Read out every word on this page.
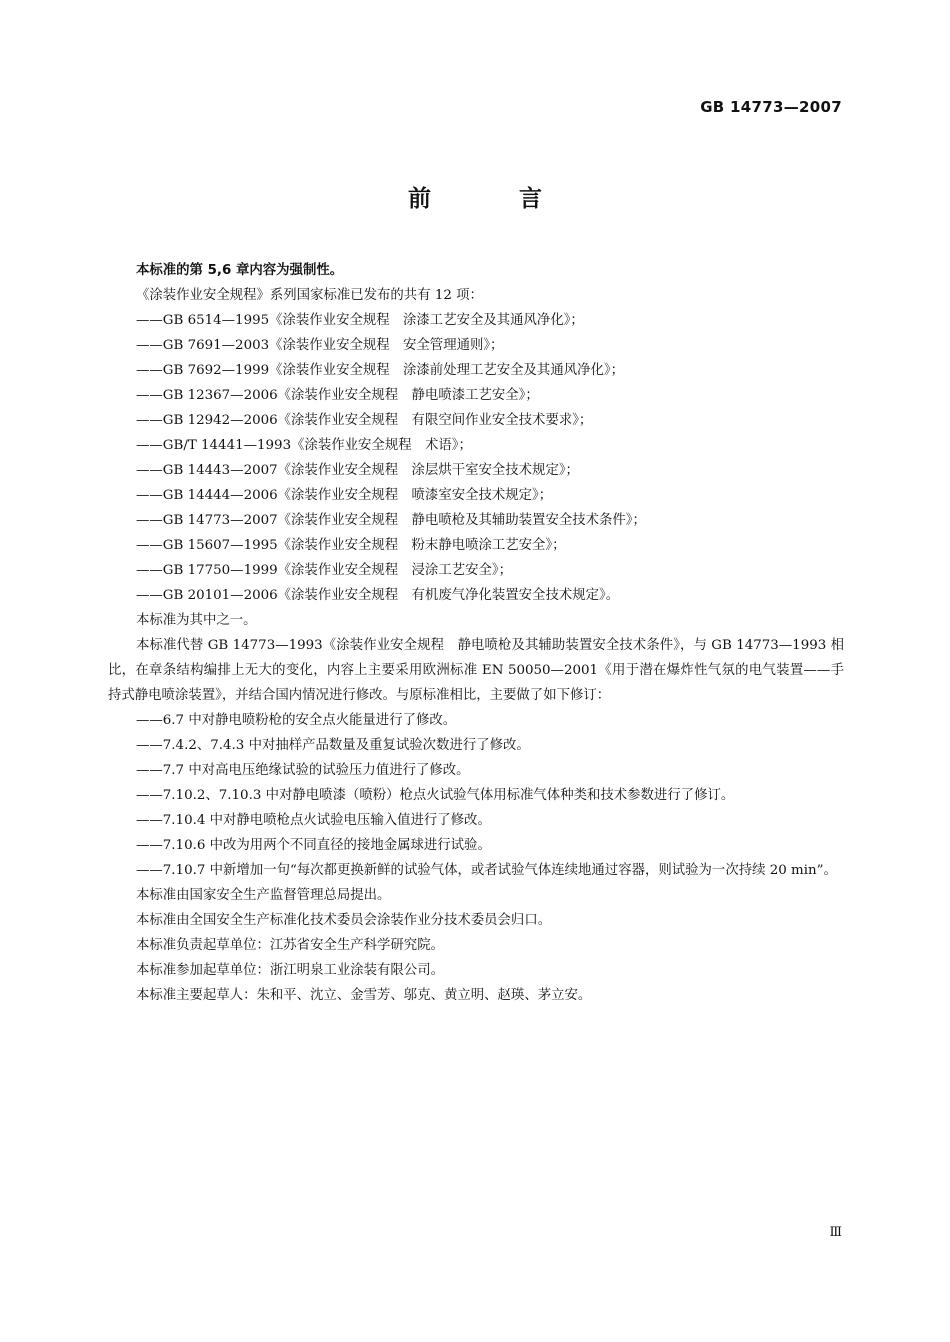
GB 14773—2007
前 言

本标准的第 5,6 章内容为强制性。

《涂装作业安全规程》系列国家标准已发布的共有 12 项：

——GB 6514—1995《涂装作业安全规程　涂漆工艺安全及其通风净化》；

——GB 7691—2003《涂装作业安全规程　安全管理通则》；

——GB 7692—1999《涂装作业安全规程　涂漆前处理工艺安全及其通风净化》；

——GB 12367—2006《涂装作业安全规程　静电喷漆工艺安全》；

——GB 12942—2006《涂装作业安全规程　有限空间作业安全技术要求》；

——GB/T 14441—1993《涂装作业安全规程　术语》；

——GB 14443—2007《涂装作业安全规程　涂层烘干室安全技术规定》；

——GB 14444—2006《涂装作业安全规程　喷漆室安全技术规定》；

——GB 14773—2007《涂装作业安全规程　静电喷枪及其辅助装置安全技术条件》；

——GB 15607—1995《涂装作业安全规程　粉末静电喷涂工艺安全》；

——GB 17750—1999《涂装作业安全规程　浸涂工艺安全》；

——GB 20101—2006《涂装作业安全规程　有机废气净化装置安全技术规定》。

本标准为其中之一。

本标准代替 GB 14773—1993《涂装作业安全规程　静电喷枪及其辅助装置安全技术条件》，与 GB 14773—1993 相比，在章条结构编排上无大的变化，内容上主要采用欧洲标准 EN 50050—2001《用于潜在爆炸性气氛的电气装置——手持式静电喷涂装置》，并结合国内情况进行修改。与原标准相比，主要做了如下修订：

——6.7 中对静电喷粉枪的安全点火能量进行了修改。

——7.4.2、7.4.3 中对抽样产品数量及重复试验次数进行了修改。

——7.7 中对高电压绝缘试验的试验压力值进行了修改。

——7.10.2、7.10.3 中对静电喷漆（喷粉）枪点火试验气体用标准气体种类和技术参数进行了修订。

——7.10.4 中对静电喷枪点火试验电压输入值进行了修改。

——7.10.6 中改为用两个不同直径的接地金属球进行试验。

——7.10.7 中新增加一句“每次都更换新鲜的试验气体，或者试验气体连续地通过容器，则试验为一次持续 20 min”。

本标准由国家安全生产监督管理总局提出。

本标准由全国安全生产标准化技术委员会涂装作业分技术委员会归口。

本标准负责起草单位：江苏省安全生产科学研究院。

本标准参加起草单位：浙江明泉工业涂装有限公司。

本标准主要起草人：朱和平、沈立、金雪芳、邬克、黄立明、赵瑛、茅立安。

Ⅲ
